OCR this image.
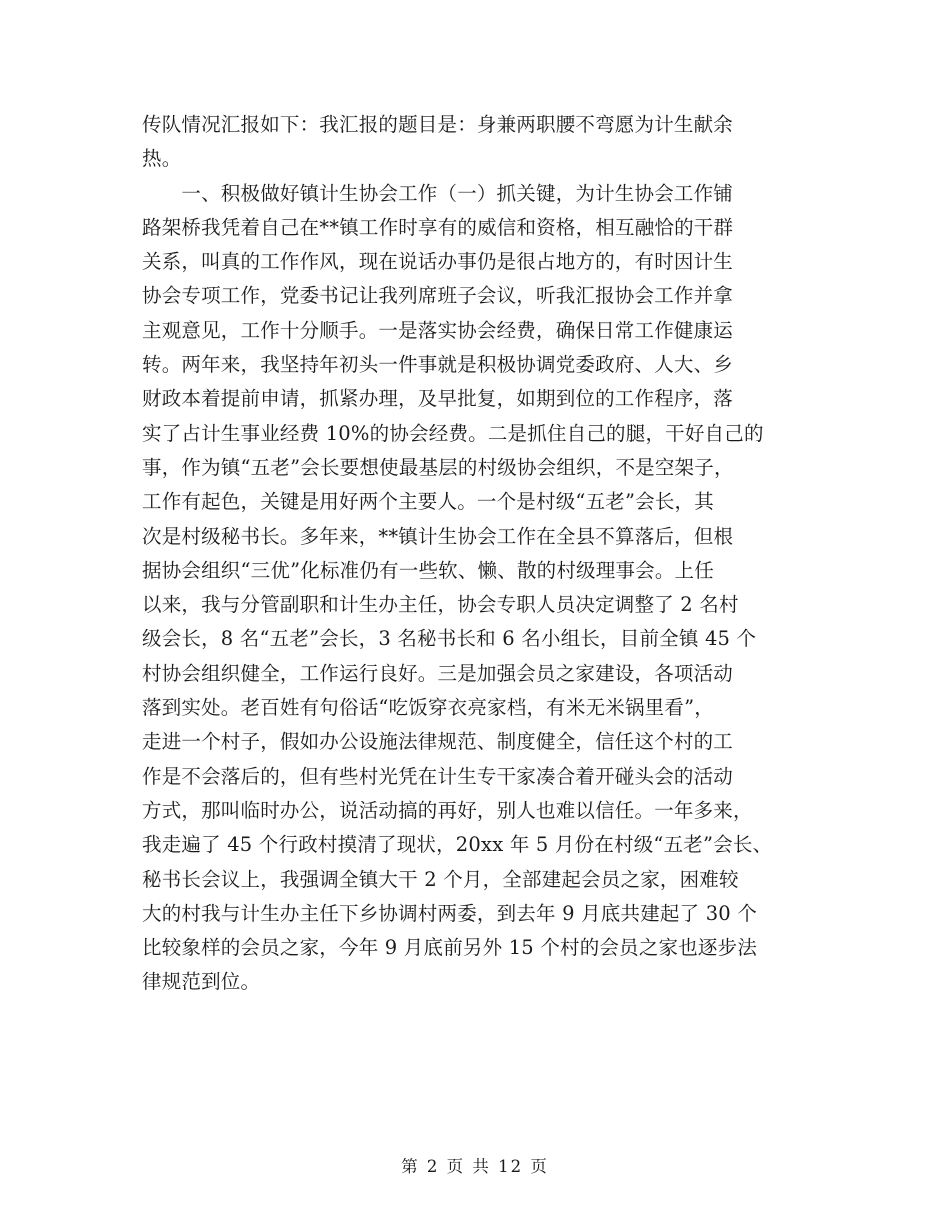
传队情况汇报如下：我汇报的题目是：身兼两职腰不弯愿为计生献余
热。
　　一、积极做好镇计生协会工作（一）抓关键，为计生协会工作铺
路架桥我凭着自己在**镇工作时享有的威信和资格，相互融恰的干群
关系，叫真的工作作风，现在说话办事仍是很占地方的，有时因计生
协会专项工作，党委书记让我列席班子会议，听我汇报协会工作并拿
主观意见，工作十分顺手。一是落实协会经费，确保日常工作健康运
转。两年来，我坚持年初头一件事就是积极协调党委政府、人大、乡
财政本着提前申请，抓紧办理，及早批复，如期到位的工作程序，落
实了占计生事业经费 10%的协会经费。二是抓住自己的腿，干好自己的
事，作为镇“五老”会长要想使最基层的村级协会组织，不是空架子，
工作有起色，关键是用好两个主要人。一个是村级“五老”会长，其
次是村级秘书长。多年来，**镇计生协会工作在全县不算落后，但根
据协会组织“三优”化标准仍有一些软、懒、散的村级理事会。上任
以来，我与分管副职和计生办主任，协会专职人员决定调整了 2 名村
级会长，8 名“五老”会长，3 名秘书长和 6 名小组长，目前全镇 45 个
村协会组织健全，工作运行良好。三是加强会员之家建设，各项活动
落到实处。老百姓有句俗话“吃饭穿衣亮家档，有米无米锅里看”，
走进一个村子，假如办公设施法律规范、制度健全，信任这个村的工
作是不会落后的，但有些村光凭在计生专干家凑合着开碰头会的活动
方式，那叫临时办公，说活动搞的再好，别人也难以信任。一年多来，
我走遍了 45 个行政村摸清了现状，20xx 年 5 月份在村级“五老”会长、
秘书长会议上，我强调全镇大干 2 个月，全部建起会员之家，困难较
大的村我与计生办主任下乡协调村两委，到去年 9 月底共建起了 30 个
比较象样的会员之家，今年 9 月底前另外 15 个村的会员之家也逐步法
律规范到位。
第 2 页 共 12 页
